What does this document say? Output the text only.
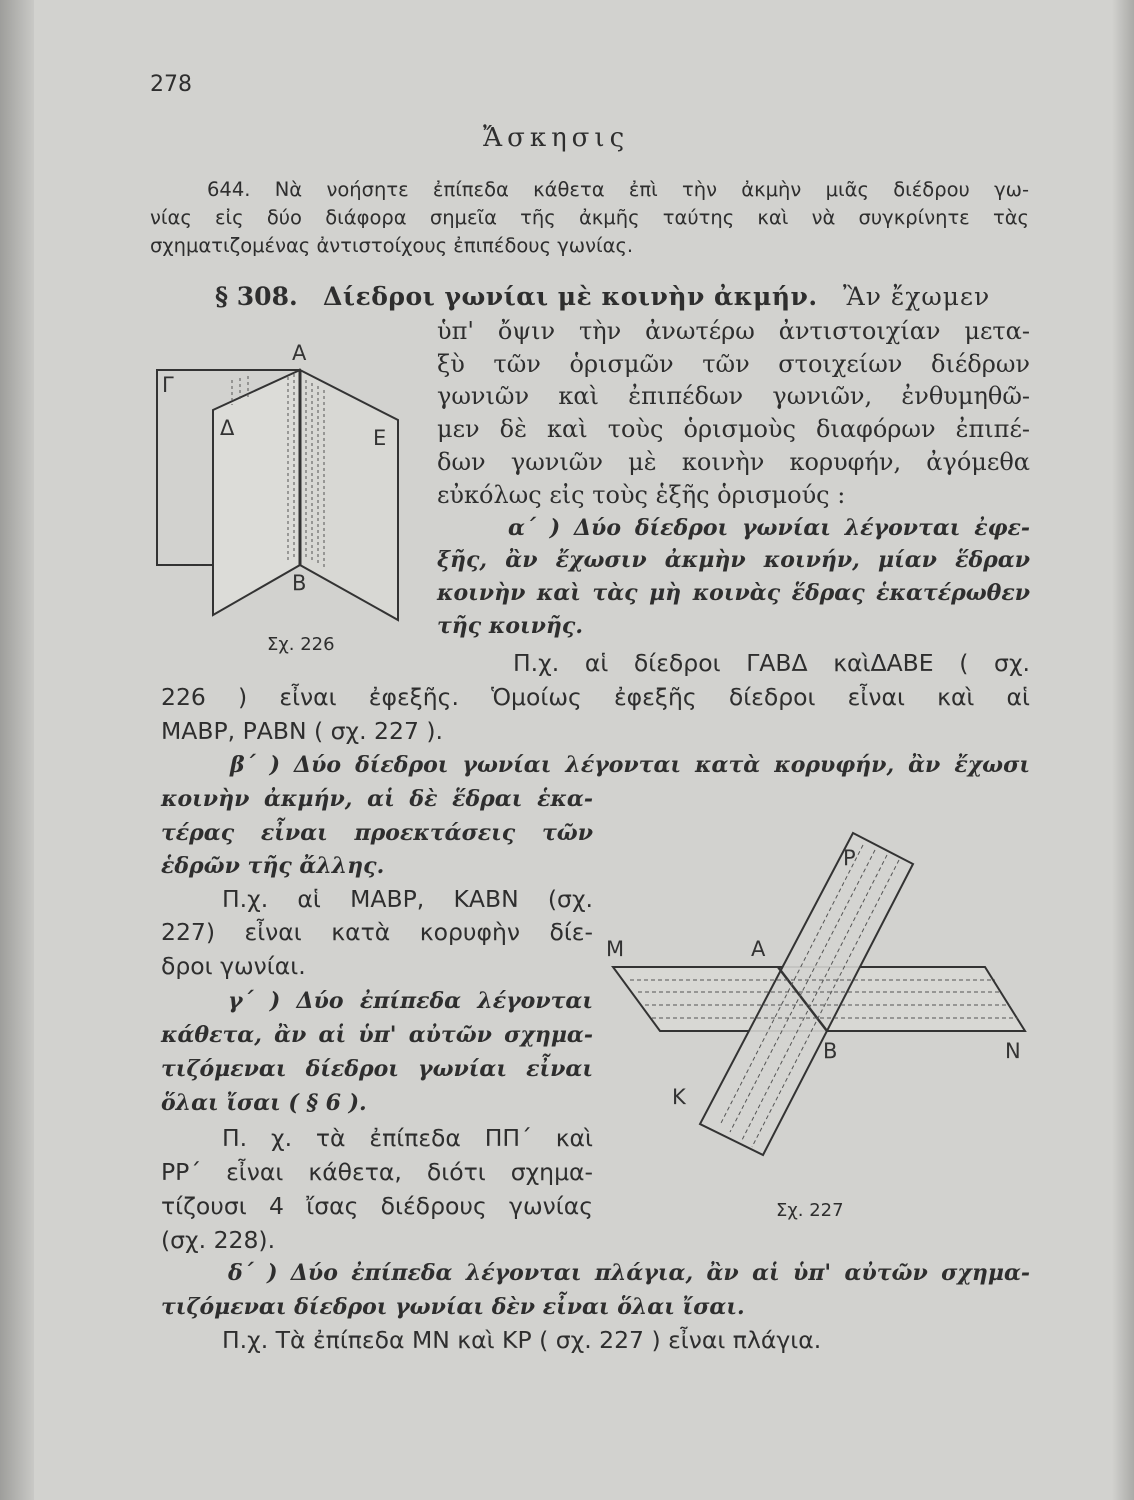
278
Ἄσκησις
644. Νὰ νοήσητε ἐπίπεδα κάθετα ἐπὶ τὴν ἀκμὴν μιᾶς διέδρου γω-
νίας εἰς δύο διάφορα σημεῖα τῆς ἀκμῆς ταύτης καὶ νὰ συγκρίνητε τὰς
σχηματιζομένας ἀντιστοίχους ἐπιπέδους γωνίας.
§ 308. Δίεδροι γωνίαι μὲ κοινὴν ἀκμήν. Ἂν ἔχωμεν
ὑπ' ὄψιν τὴν ἀνωτέρω ἀντιστοιχίαν μετα-
ξὺ τῶν ὁρισμῶν τῶν στοιχείων διέδρων
γωνιῶν καὶ ἐπιπέδων γωνιῶν, ἐνθυμηθῶ-
μεν δὲ καὶ τοὺς ὁρισμοὺς διαφόρων ἐπιπέ-
δων γωνιῶν μὲ κοινὴν κορυφήν, ἀγόμεθα
εὐκόλως εἰς τοὺς ἑξῆς ὁρισμούς :
α΄ ) Δύο δίεδροι γωνίαι λέγονται ἐφε-
ξῆς, ἂν ἔχωσιν ἀκμὴν κοινήν, μίαν ἕδραν
κοινὴν καὶ τὰς μὴ κοινὰς ἕδρας ἑκατέρωθεν
τῆς κοινῆς.
Π.χ. αἱ δίεδροι ΓΑΒΔ καὶΔΑΒΕ ( σχ.
226 ) εἶναι ἐφεξῆς. Ὁμοίως ἐφεξῆς δίεδροι εἶναι καὶ αἱ
ΜΑΒΡ, ΡΑΒΝ ( σχ. 227 ).
β΄ ) Δύο δίεδροι γωνίαι λέγονται κατὰ κορυφήν, ἂν ἔχωσι
κοινὴν ἀκμήν, αἱ δὲ ἕδραι ἑκα-
τέρας εἶναι προεκτάσεις τῶν
ἑδρῶν τῆς ἄλλης.
Π.χ. αἱ ΜΑΒΡ, ΚΑΒΝ (σχ.
227) εἶναι κατὰ κορυφὴν δίε-
δροι γωνίαι.
γ΄ ) Δύο ἐπίπεδα λέγονται
κάθετα, ἂν αἱ ὑπ' αὐτῶν σχημα-
τιζόμεναι δίεδροι γωνίαι εἶναι
ὅλαι ἴσαι ( § 6 ).
Π. χ. τὰ ἐπίπεδα ΠΠ΄ καὶ
ΡΡ΄ εἶναι κάθετα, διότι σχημα-
τίζουσι 4 ἴσας διέδρους γωνίας
(σχ. 228).
δ΄ ) Δύο ἐπίπεδα λέγονται πλάγια, ἂν αἱ ὑπ' αὐτῶν σχημα-
τιζόμεναι δίεδροι γωνίαι δὲν εἶναι ὅλαι ἴσαι.
Π.χ. Τὰ ἐπίπεδα ΜΝ καὶ ΚΡ ( σχ. 227 ) εἶναι πλάγια.
Α
Γ
Δ	Ε
Β
Σχ. 226
Ρ
Μ	Α
Β	Ν
Κ
Σχ. 227
